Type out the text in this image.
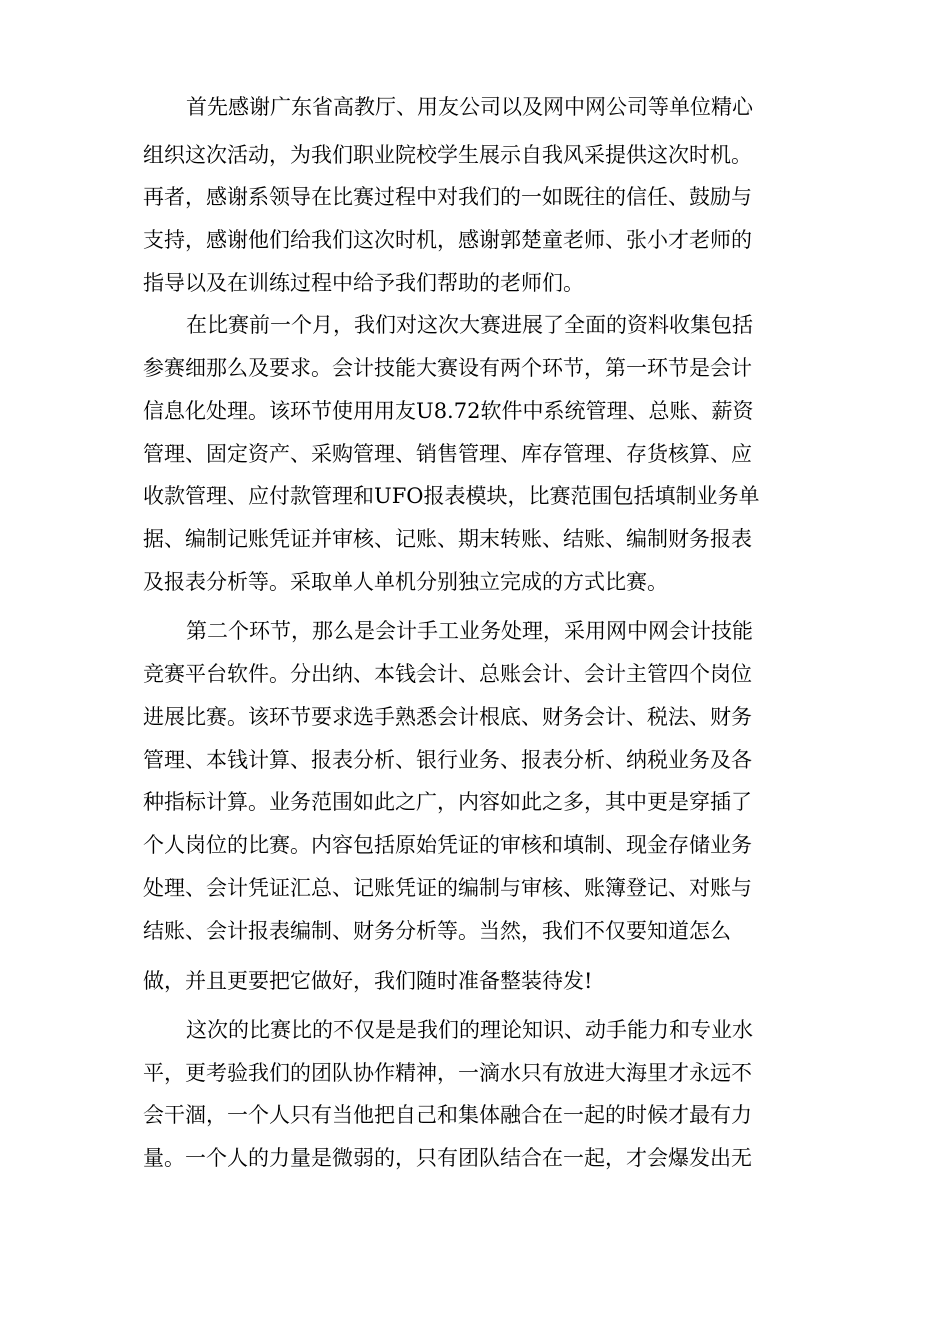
首先感谢广东省高教厅、用友公司以及网中网公司等单位精心
组织这次活动，为我们职业院校学生展示自我风采提供这次时机。
再者，感谢系领导在比赛过程中对我们的一如既往的信任、鼓励与
支持，感谢他们给我们这次时机，感谢郭楚童老师、张小才老师的
指导以及在训练过程中给予我们帮助的老师们。
在比赛前一个月，我们对这次大赛进展了全面的资料收集包括
参赛细那么及要求。会计技能大赛设有两个环节，第一环节是会计
信息化处理。该环节使用用友U8.72软件中系统管理、总账、薪资
管理、固定资产、采购管理、销售管理、库存管理、存货核算、应
收款管理、应付款管理和UFO报表模块，比赛范围包括填制业务单
据、编制记账凭证并审核、记账、期末转账、结账、编制财务报表
及报表分析等。采取单人单机分别独立完成的方式比赛。
第二个环节，那么是会计手工业务处理，采用网中网会计技能
竞赛平台软件。分出纳、本钱会计、总账会计、会计主管四个岗位
进展比赛。该环节要求选手熟悉会计根底、财务会计、税法、财务
管理、本钱计算、报表分析、银行业务、报表分析、纳税业务及各
种指标计算。业务范围如此之广，内容如此之多，其中更是穿插了
个人岗位的比赛。内容包括原始凭证的审核和填制、现金存储业务
处理、会计凭证汇总、记账凭证的编制与审核、账簿登记、对账与
结账、会计报表编制、财务分析等。当然，我们不仅要知道怎么
做，并且更要把它做好，我们随时准备整装待发!
这次的比赛比的不仅是是我们的理论知识、动手能力和专业水
平，更考验我们的团队协作精神，一滴水只有放进大海里才永远不
会干涸，一个人只有当他把自己和集体融合在一起的时候才最有力
量。一个人的力量是微弱的，只有团队结合在一起，才会爆发出无
